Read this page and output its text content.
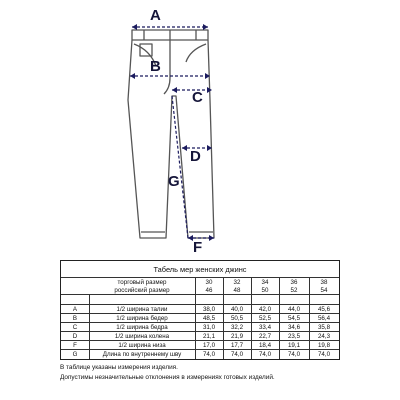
A
B
C
D
G
F
Табель мер женских джинс
торговый размер	30	32	34	36	38
российский размер	46	48	50	52	54
A	1/2 ширина талии	38,0	40,0	42,0	44,0	45,6
B	1/2 ширина бедер	48,5	50,5	52,5	54,5	56,4
C	1/2 ширина бедра	31,0	32,2	33,4	34,6	35,8
D	1/2 ширина колена	21,1	21,9	22,7	23,5	24,3
F	1/2 ширина низа	17,0	17,7	18,4	19,1	19,8
G	Длина по внутреннему шву	74,0	74,0	74,0	74,0	74,0
В таблице указаны измерения изделия.
Допустимы незначительные отклонения в измерениях готовых изделий.
